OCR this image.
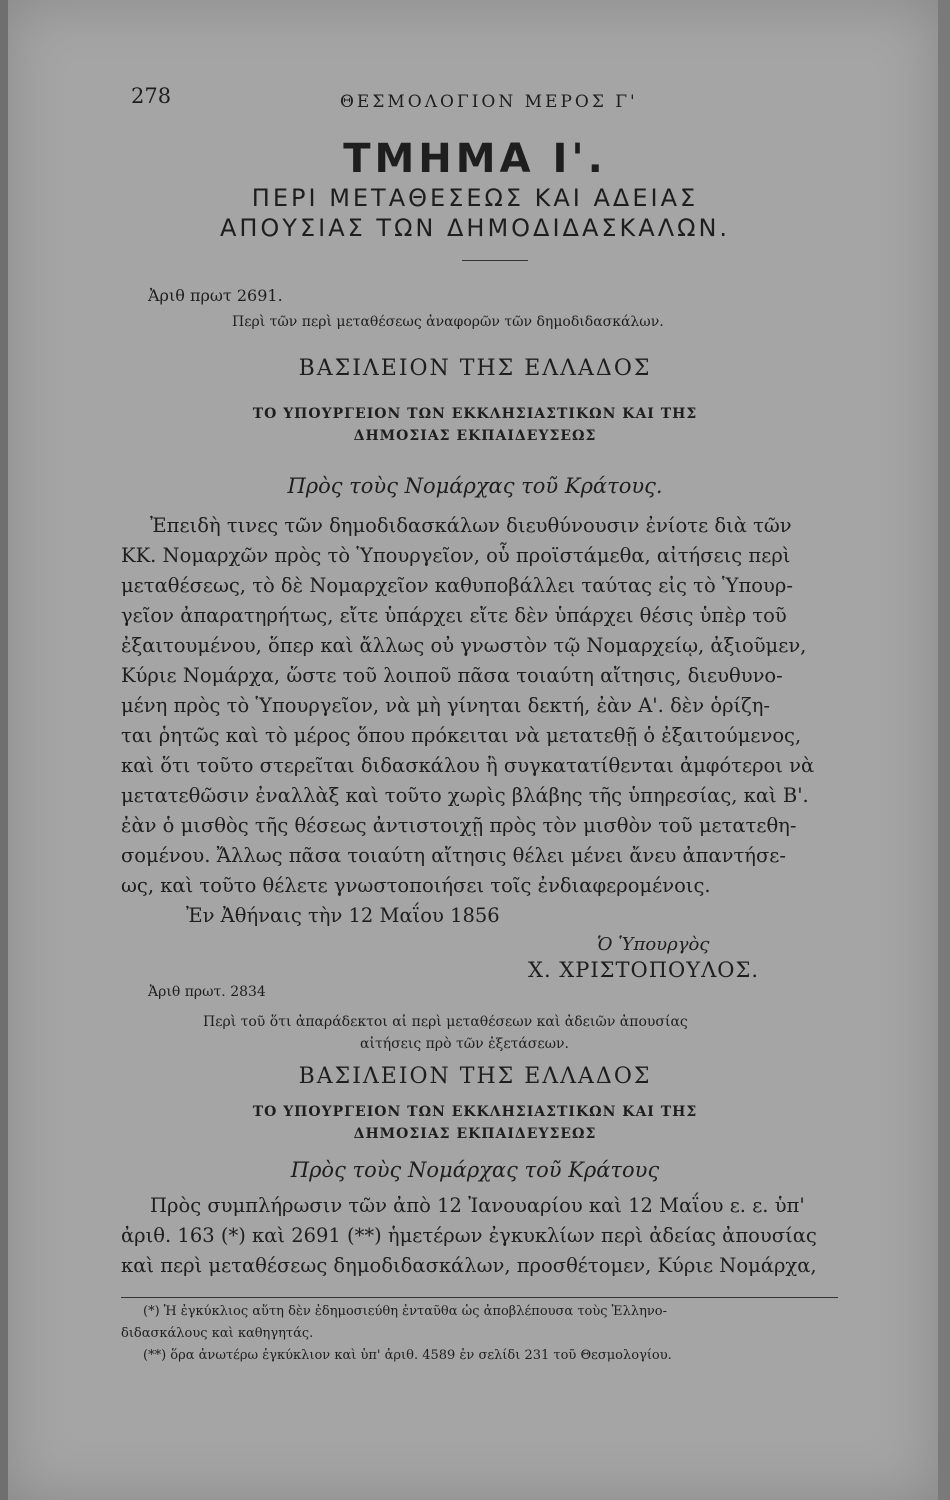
278	ΘΕΣΜΟΛΟΓΙΟΝ ΜΕΡΟΣ Γ'
ΤΜΗΜΑ Ι'.
ΠΕΡΙ ΜΕΤΑΘΕΣΕΩΣ ΚΑΙ ΑΔΕΙΑΣ
ΑΠΟΥΣΙΑΣ ΤΩΝ ΔΗΜΟΔΙΔΑΣΚΑΛΩΝ.
Ἀριθ πρωτ 2691.
Περὶ τῶν περὶ μεταθέσεως ἀναφορῶν τῶν δημοδιδασκάλων.
ΒΑΣΙΛΕΙΟΝ ΤΗΣ ΕΛΛΑΔΟΣ
ΤΟ ΥΠΟΥΡΓΕΙΟΝ ΤΩΝ ΕΚΚΛΗΣΙΑΣΤΙΚΩΝ ΚΑΙ ΤΗΣ
ΔΗΜΟΣΙΑΣ ΕΚΠΑΙΔΕΥΣΕΩΣ
Πρὸς τοὺς Νομάρχας τοῦ Κράτους.
Ἐπειδὴ τινες τῶν δημοδιδασκάλων διευθύνουσιν ἐνίοτε διὰ τῶν
ΚΚ. Νομαρχῶν πρὸς τὸ Ὑπουργεῖον, οὗ προϊστάμεθα, αἰτήσεις περὶ
μεταθέσεως, τὸ δὲ Νομαρχεῖον καθυποβάλλει ταύτας εἰς τὸ Ὑπουρ-
γεῖον ἀπαρατηρήτως, εἴτε ὑπάρχει εἴτε δὲν ὑπάρχει θέσις ὑπὲρ τοῦ
ἐξαιτουμένου, ὅπερ καὶ ἄλλως οὐ γνωστὸν τῷ Νομαρχείῳ, ἀξιοῦμεν,
Κύριε Νομάρχα, ὥστε τοῦ λοιποῦ πᾶσα τοιαύτη αἴτησις, διευθυνο-
μένη πρὸς τὸ Ὑπουργεῖον, νὰ μὴ γίνηται δεκτή, ἐὰν Α'. δὲν ὁρίζη-
ται ῥητῶς καὶ τὸ μέρος ὅπου πρόκειται νὰ μετατεθῇ ὁ ἐξαιτούμενος,
καὶ ὅτι τοῦτο στερεῖται διδασκάλου ἢ συγκατατίθενται ἀμφότεροι νὰ
μετατεθῶσιν ἐναλλὰξ καὶ τοῦτο χωρὶς βλάβης τῆς ὑπηρεσίας, καὶ Β'.
ἐὰν ὁ μισθὸς τῆς θέσεως ἀντιστοιχῇ πρὸς τὸν μισθὸν τοῦ μετατεθη-
σομένου. Ἄλλως πᾶσα τοιαύτη αἴτησις θέλει μένει ἄνευ ἀπαντήσε-
ως, καὶ τοῦτο θέλετε γνωστοποιήσει τοῖς ἐνδιαφερομένοις.
Ἐν Ἀθήναις τὴν 12 Μαΐου 1856
Ὁ Ὑπουργὸς
Χ. ΧΡΙΣΤΟΠΟΥΛΟΣ.
Ἀριθ πρωτ. 2834
Περὶ τοῦ ὅτι ἀπαράδεκτοι αἱ περὶ μεταθέσεων καὶ ἀδειῶν ἀπουσίας
αἰτήσεις πρὸ τῶν ἐξετάσεων.
ΒΑΣΙΛΕΙΟΝ ΤΗΣ ΕΛΛΑΔΟΣ
ΤΟ ΥΠΟΥΡΓΕΙΟΝ ΤΩΝ ΕΚΚΛΗΣΙΑΣΤΙΚΩΝ ΚΑΙ ΤΗΣ
ΔΗΜΟΣΙΑΣ ΕΚΠΑΙΔΕΥΣΕΩΣ
Πρὸς τοὺς Νομάρχας τοῦ Κράτους
Πρὸς συμπλήρωσιν τῶν ἀπὸ 12 Ἰανουαρίου καὶ 12 Μαΐου ε. ε. ὑπ'
ἀριθ. 163 (*) καὶ 2691 (**) ἡμετέρων ἐγκυκλίων περὶ ἀδείας ἀπουσίας
καὶ περὶ μεταθέσεως δημοδιδασκάλων, προσθέτομεν, Κύριε Νομάρχα,
(*) Ἡ ἐγκύκλιος αὕτη δὲν ἐδημοσιεύθη ἐνταῦθα ὡς ἀποβλέπουσα τοὺς Ἑλληνο-
διδασκάλους καὶ καθηγητάς.
(**) ὅρα ἀνωτέρω ἐγκύκλιον καὶ ὑπ' ἀριθ. 4589 ἐν σελίδι 231 τοῦ Θεσμολογίου.
